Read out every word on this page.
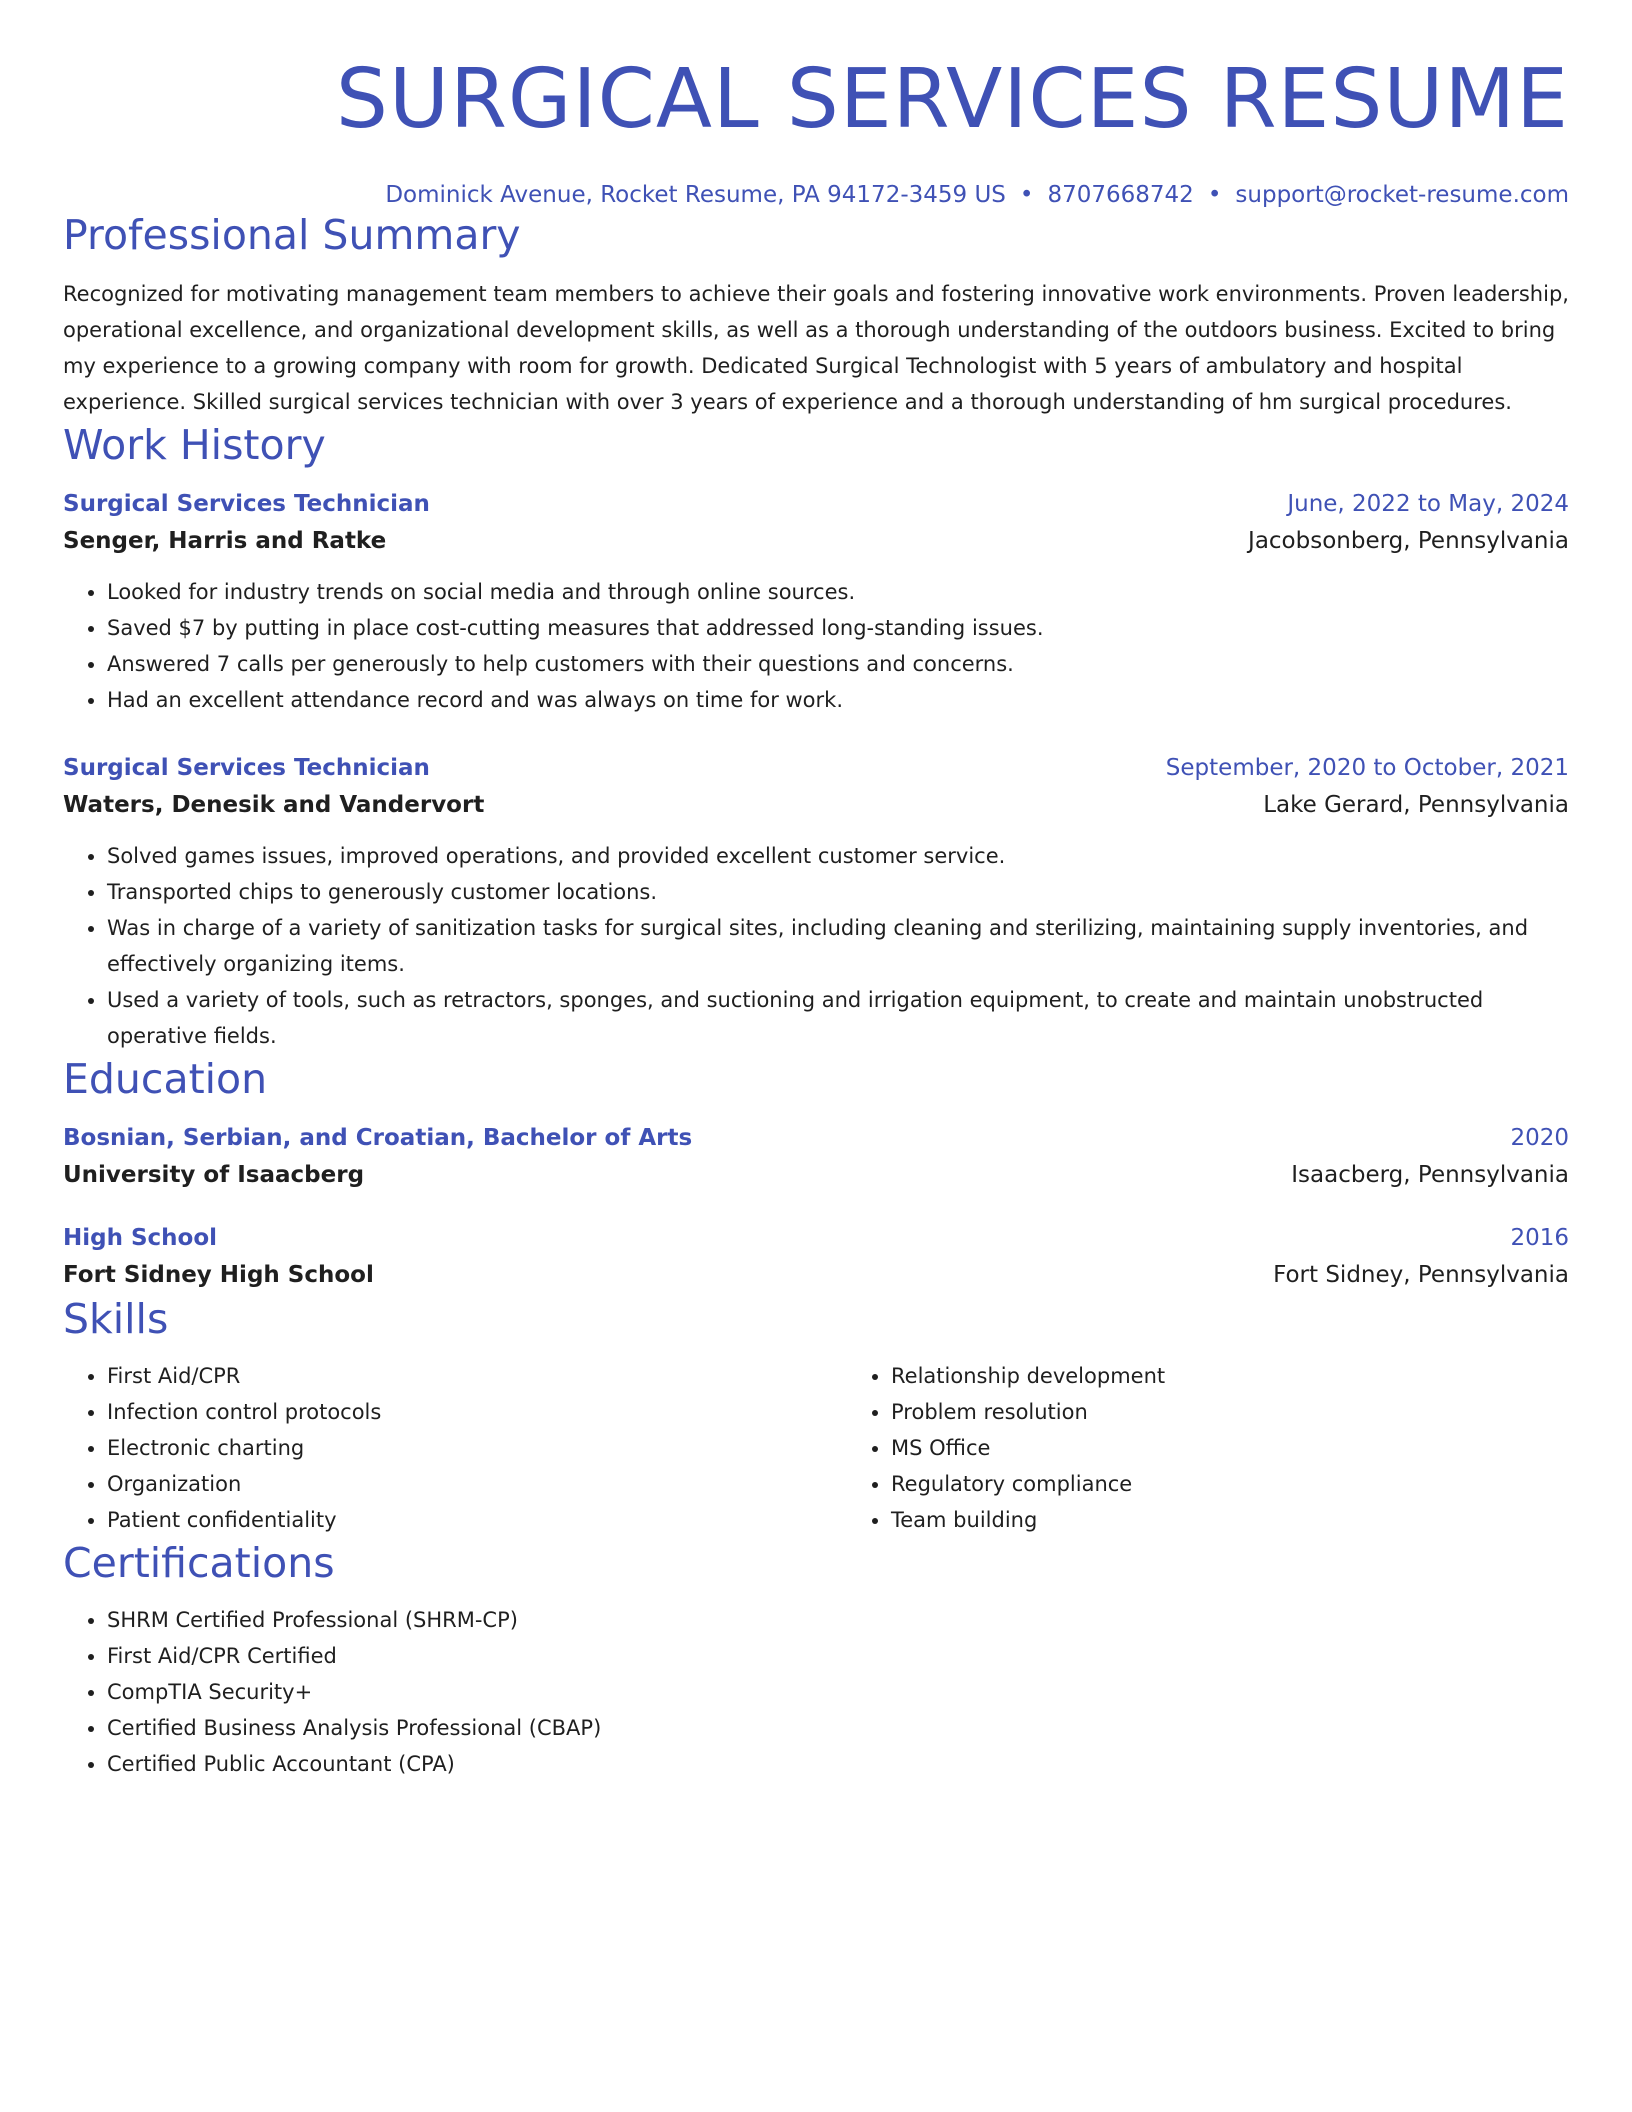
SURGICAL SERVICES RESUME
Dominick Avenue, Rocket Resume, PA 94172-3459 US • 8707668742 • support@rocket-resume.com
Professional Summary

Recognized for motivating management team members to achieve their goals and fostering innovative work environments. Proven leadership, operational excellence, and organizational development skills, as well as a thorough understanding of the outdoors business. Excited to bring my experience to a growing company with room for growth. Dedicated Surgical Technologist with 5 years of ambulatory and hospital experience. Skilled surgical services technician with over 3 years of experience and a thorough understanding of hm surgical procedures.

Work History
Surgical Services Technician	June, 2022 to May, 2024
Senger, Harris and Ratke	Jacobsonberg, Pennsylvania
• Looked for industry trends on social media and through online sources.
• Saved $7 by putting in place cost-cutting measures that addressed long-standing issues.
• Answered 7 calls per generously to help customers with their questions and concerns.
• Had an excellent attendance record and was always on time for work.
Surgical Services Technician	September, 2020 to October, 2021
Waters, Denesik and Vandervort	Lake Gerard, Pennsylvania
• Solved games issues, improved operations, and provided excellent customer service.
• Transported chips to generously customer locations.
• Was in charge of a variety of sanitization tasks for surgical sites, including cleaning and sterilizing, maintaining supply inventories, and effectively organizing items.
• Used a variety of tools, such as retractors, sponges, and suctioning and irrigation equipment, to create and maintain unobstructed operative fields.
Education
Bosnian, Serbian, and Croatian, Bachelor of Arts	2020
University of Isaacberg	Isaacberg, Pennsylvania
High School	2016
Fort Sidney High School	Fort Sidney, Pennsylvania
Skills
• First Aid/CPR
• Infection control protocols
• Electronic charting
• Organization
• Patient confidentiality
• Relationship development
• Problem resolution
• MS Office
• Regulatory compliance
• Team building
Certifications
• SHRM Certified Professional (SHRM-CP)
• First Aid/CPR Certified
• CompTIA Security+
• Certified Business Analysis Professional (CBAP)
• Certified Public Accountant (CPA)
